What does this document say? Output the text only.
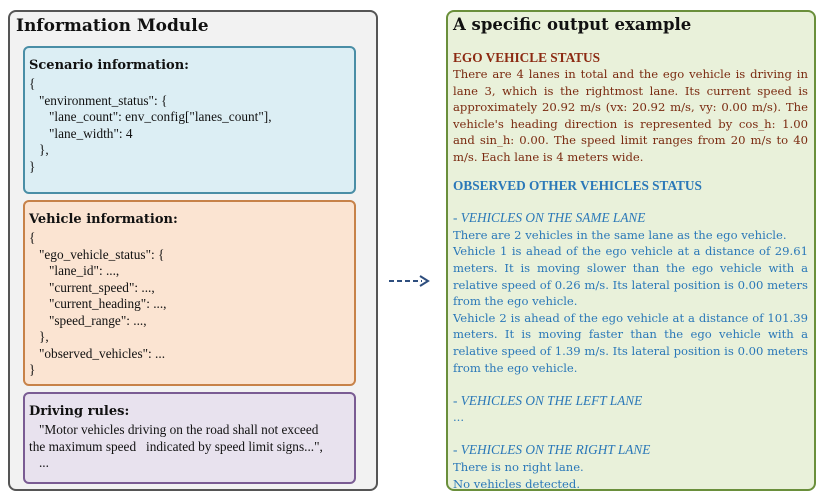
Information Module
Scenario information:
{
"environment_status": {
"lane_count": env_config["lanes_count"],
"lane_width": 4
},
}
Vehicle information:
{
"ego_vehicle_status": {
"lane_id": ...,
"current_speed": ...,
"current_heading": ...,
"speed_range": ...,
},
"observed_vehicles": ...
}
Driving rules:
"Motor vehicles driving on the road shall not exceed
the maximum speed   indicated by speed limit signs...",
...
A specific output example
EGO VEHICLE STATUS
There are 4 lanes in total and the ego vehicle is driving in lane 3, which is the rightmost lane. Its current speed is approximately 20.92 m/s (vx: 20.92 m/s, vy: 0.00 m/s). The vehicle's heading direction is represented by cos_h: 1.00 and sin_h: 0.00. The speed limit ranges from 20 m/s to 40 m/s. Each lane is 4 meters wide.
OBSERVED OTHER VEHICLES STATUS
- VEHICLES ON THE SAME LANE
There are 2 vehicles in the same lane as the ego vehicle.
Vehicle 1 is ahead of the ego vehicle at a distance of 29.61 meters. It is moving slower than the ego vehicle with a relative speed of 0.26 m/s. Its lateral position is 0.00 meters from the ego vehicle.
Vehicle 2 is ahead of the ego vehicle at a distance of 101.39 meters. It is moving faster than the ego vehicle with a relative speed of 1.39 m/s. Its lateral position is 0.00 meters from the ego vehicle.
- VEHICLES ON THE LEFT LANE
...
- VEHICLES ON THE RIGHT LANE
There is no right lane.
No vehicles detected.
